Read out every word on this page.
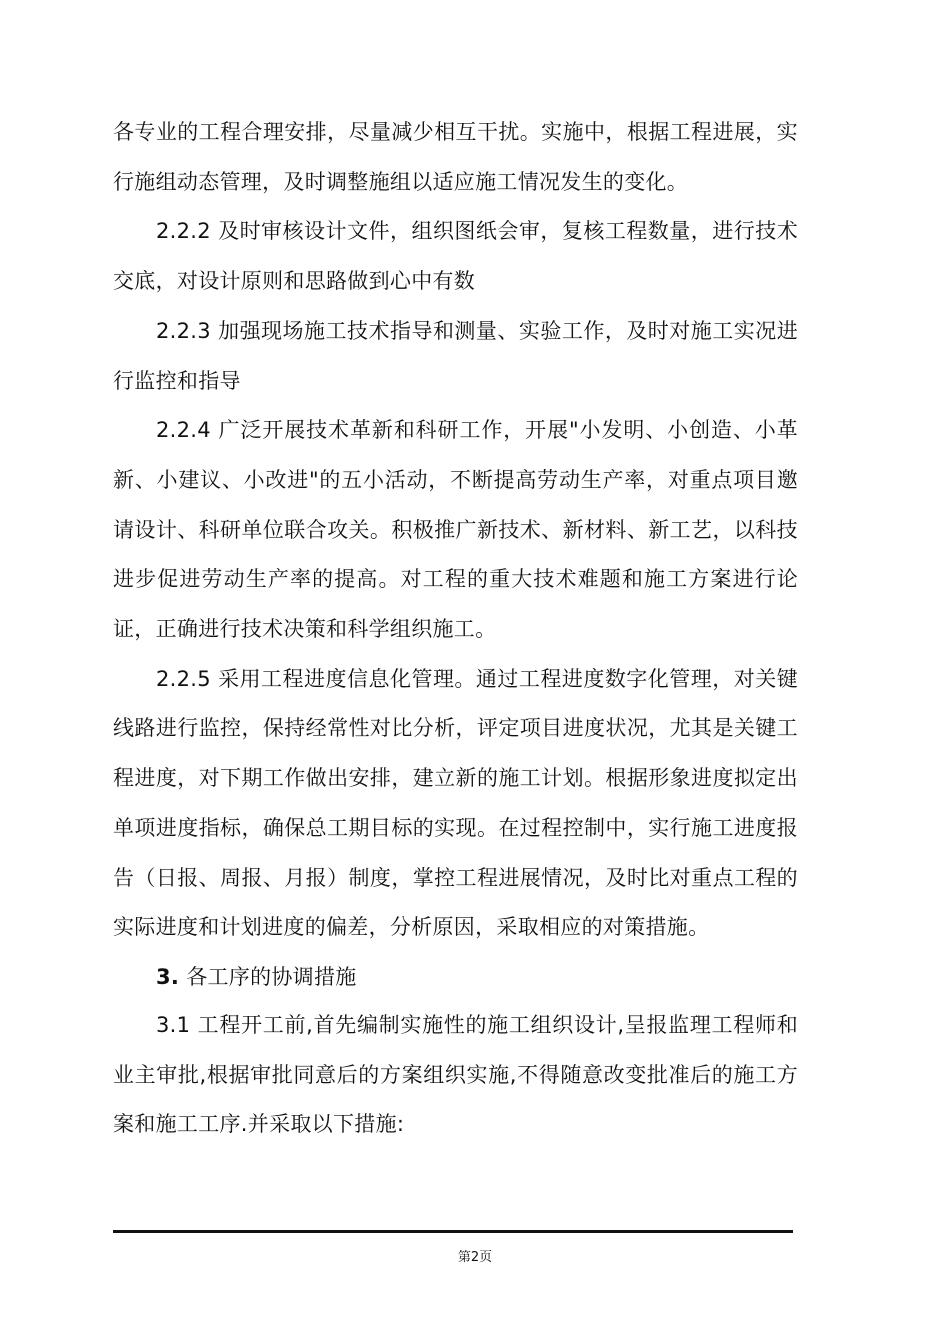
各专业的工程合理安排，尽量减少相互干扰。实施中，根据工程进展，实行施组动态管理，及时调整施组以适应施工情况发生的变化。

2.2.2 及时审核设计文件，组织图纸会审，复核工程数量，进行技术交底，对设计原则和思路做到心中有数

2.2.3 加强现场施工技术指导和测量、实验工作，及时对施工实况进行监控和指导

2.2.4 广泛开展技术革新和科研工作，开展"小发明、小创造、小革新、小建议、小改进"的五小活动，不断提高劳动生产率，对重点项目邀请设计、科研单位联合攻关。积极推广新技术、新材料、新工艺，以科技进步促进劳动生产率的提高。对工程的重大技术难题和施工方案进行论证，正确进行技术决策和科学组织施工。

2.2.5 采用工程进度信息化管理。通过工程进度数字化管理，对关键线路进行监控，保持经常性对比分析，评定项目进度状况，尤其是关键工程进度，对下期工作做出安排，建立新的施工计划。根据形象进度拟定出单项进度指标，确保总工期目标的实现。在过程控制中，实行施工进度报告（日报、周报、月报）制度，掌控工程进展情况，及时比对重点工程的实际进度和计划进度的偏差，分析原因，采取相应的对策措施。

3. 各工序的协调措施

3.1 工程开工前,首先编制实施性的施工组织设计,呈报监理工程师和业主审批,根据审批同意后的方案组织实施,不得随意改变批准后的施工方案和施工工序.并采取以下措施:

第2页
